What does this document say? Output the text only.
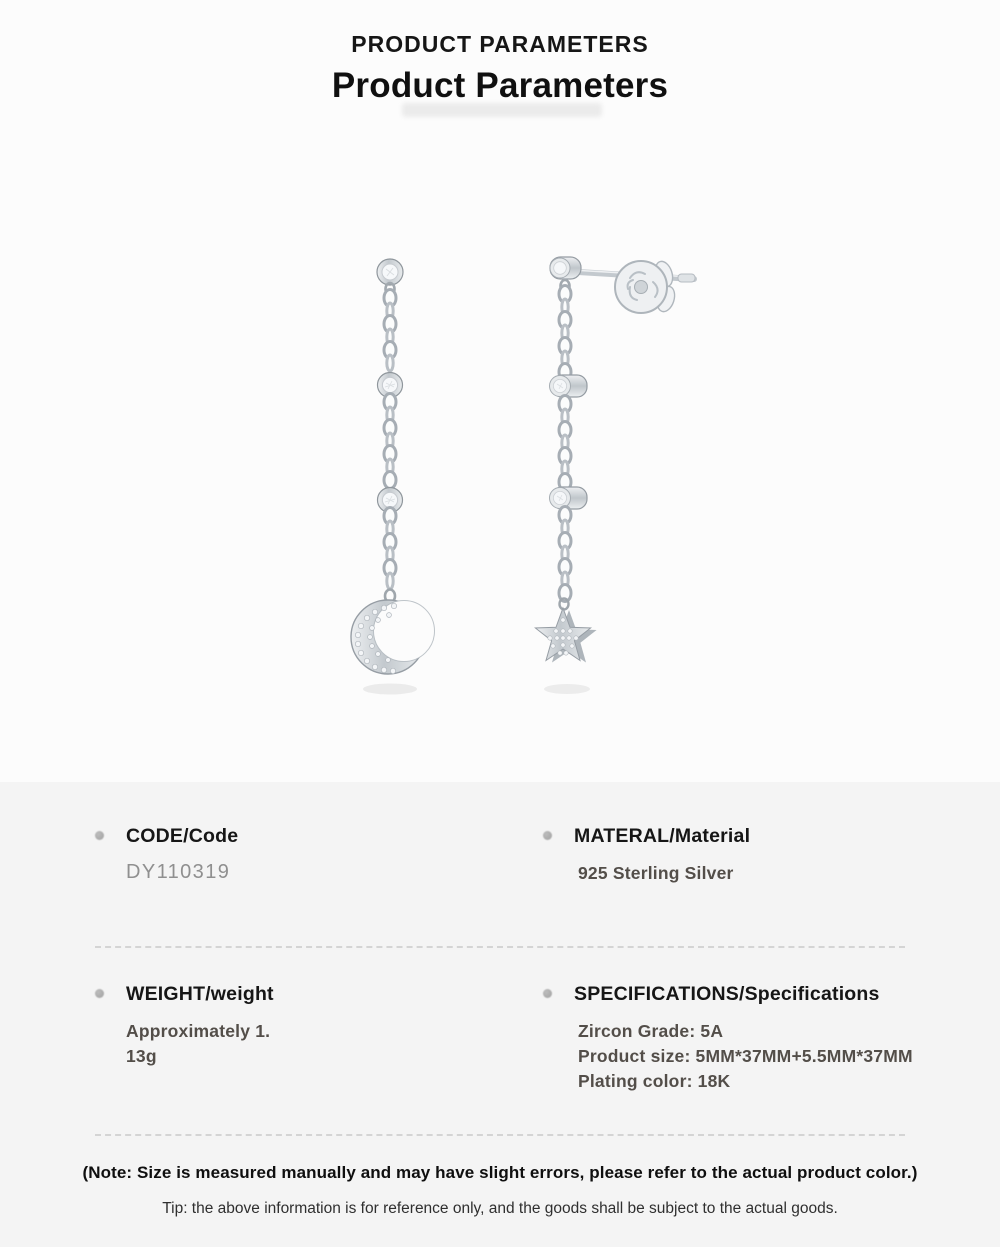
PRODUCT PARAMETERS
Product Parameters
CODE/Code
DY110319
MATERAL/Material
925 Sterling Silver
WEIGHT/weight
Approximately 1.
13g
SPECIFICATIONS/Specifications
Zircon Grade: 5A
Product size: 5MM*37MM+5.5MM*37MM
Plating color: 18K
(Note: Size is measured manually and may have slight errors, please refer to the actual product color.)
Tip: the above information is for reference only, and the goods shall be subject to the actual goods.
